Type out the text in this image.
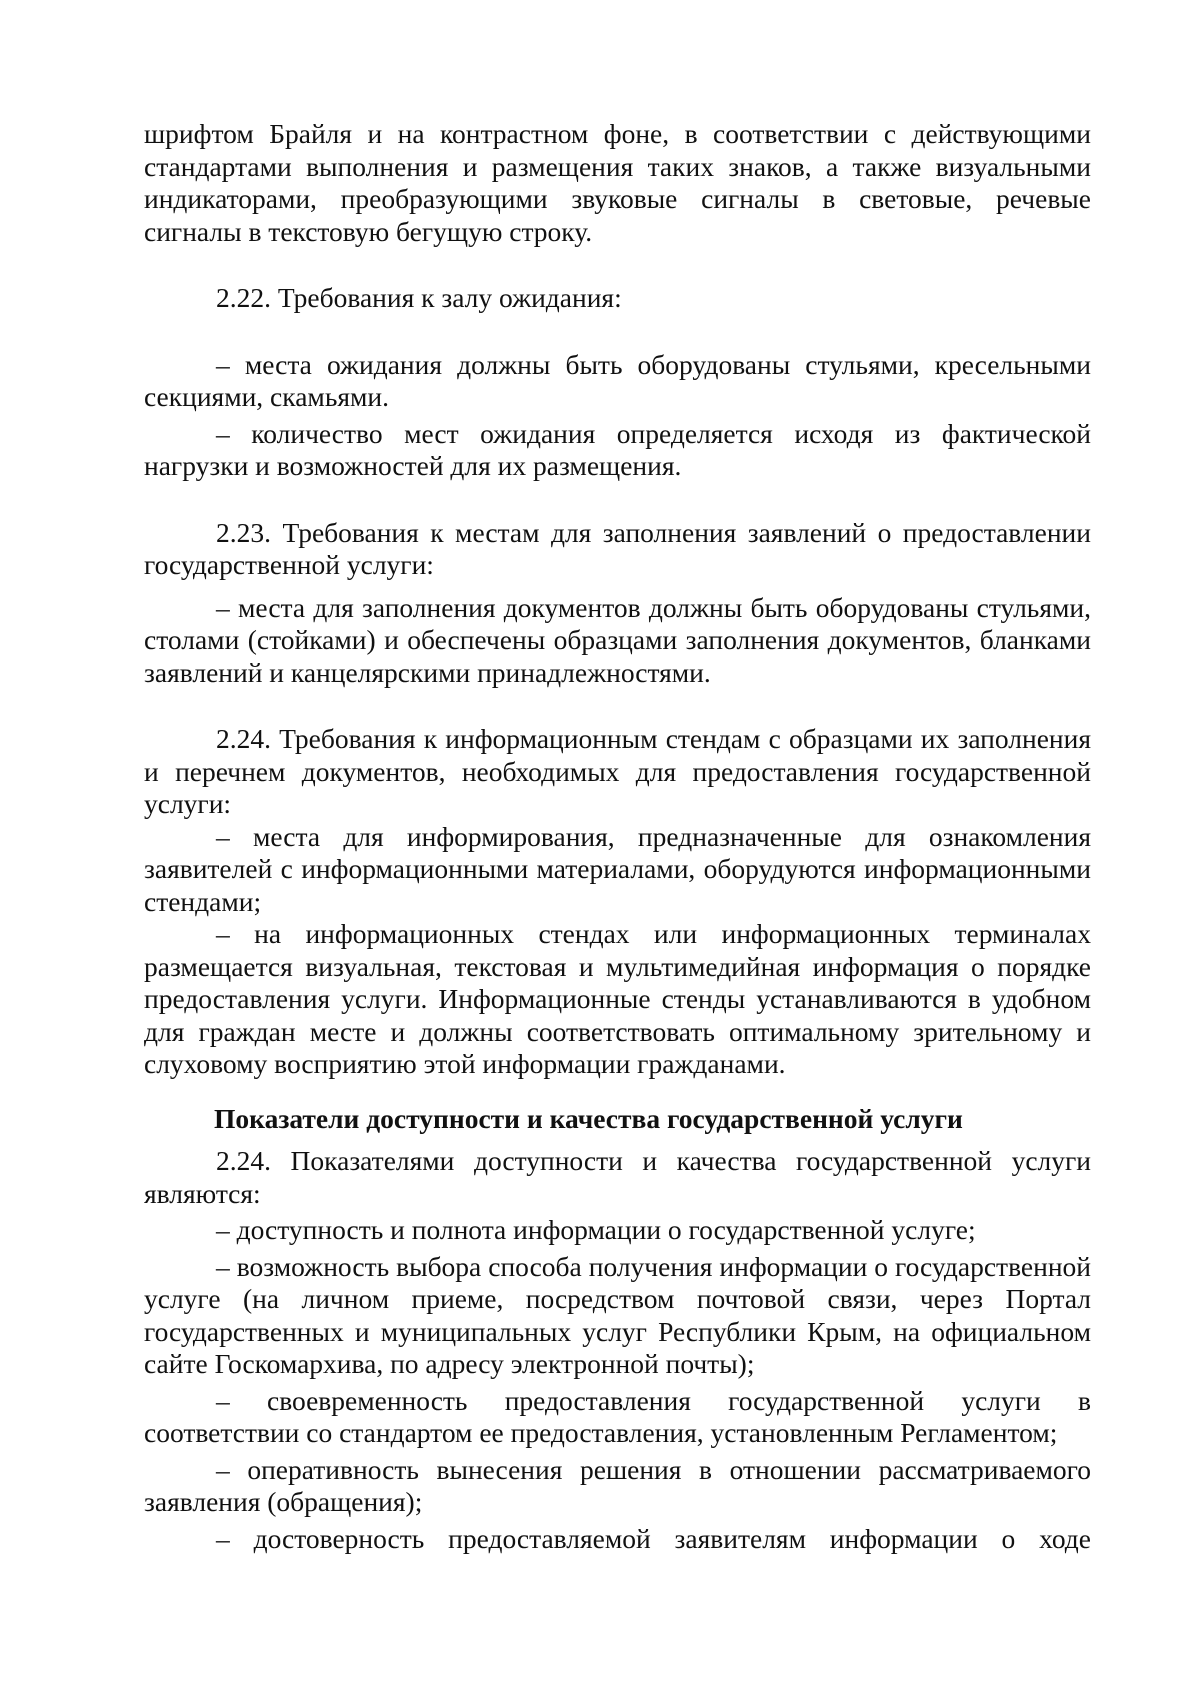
шрифтом Брайля и на контрастном фоне, в соответствии с действующими стандартами выполнения и размещения таких знаков, а также визуальными индикаторами, преобразующими звуковые сигналы в световые, речевые сигналы в текстовую бегущую строку.

2.22. Требования к залу ожидания:

– места ожидания должны быть оборудованы стульями, кресельными секциями, скамьями.

– количество мест ожидания определяется исходя из фактической нагрузки и возможностей для их размещения.

2.23. Требования к местам для заполнения заявлений о предоставлении государственной услуги:

– места для заполнения документов должны быть оборудованы стульями, столами (стойками) и обеспечены образцами заполнения документов, бланками заявлений и канцелярскими принадлежностями.

2.24. Требования к информационным стендам с образцами их заполнения и перечнем документов, необходимых для предоставления государственной услуги:

– места для информирования, предназначенные для ознакомления заявителей с информационными материалами, оборудуются информационными стендами;

– на информационных стендах или информационных терминалах размещается визуальная, текстовая и мультимедийная информация о порядке предоставления услуги. Информационные стенды устанавливаются в удобном для граждан месте и должны соответствовать оптимальному зрительному и слуховому восприятию этой информации гражданами.

Показатели доступности и качества государственной услуги

2.24. Показателями доступности и качества государственной услуги являются:

– доступность и полнота информации о государственной услуге;

– возможность выбора способа получения информации о государственной услуге (на личном приеме, посредством почтовой связи, через Портал государственных и муниципальных услуг Республики Крым, на официальном сайте Госкомархива, по адресу электронной почты);

– своевременность предоставления государственной услуги в соответствии со стандартом ее предоставления, установленным Регламентом;

– оперативность вынесения решения в отношении рассматриваемого заявления (обращения);

– достоверность предоставляемой заявителям информации о ходе
